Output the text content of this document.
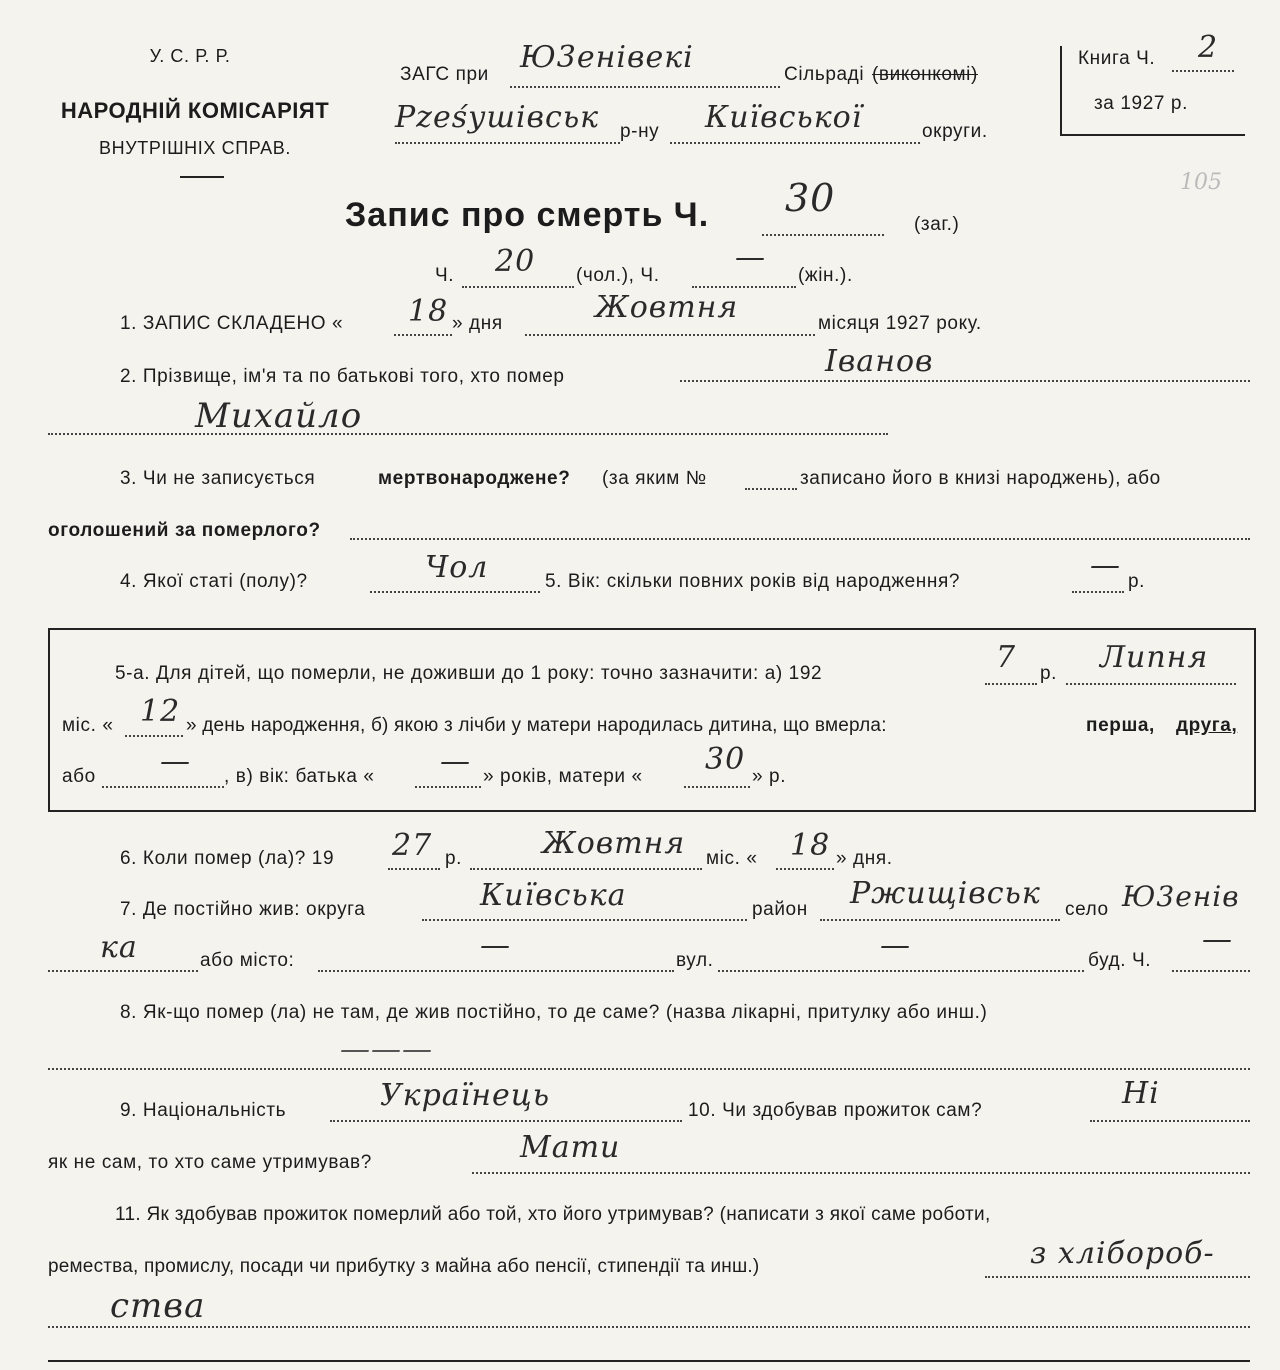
У. С. Р. Р.
НАРОДНІЙ КОМІСАРІЯТ
ВНУТРІШНІХ СПРАВ.
ЗАГС при Ю3е​ніве​кі	Сільраді (виконкомі)
Рześушівськ р-ну Київської	округи.
Книга Ч. 2
за 1927 р.
105
Запис про смерть Ч. 30
(заг.)
Ч. 20 (чол.), Ч.
—
(жін.).
1. ЗАПИС СКЛАДЕНО « 18 » дня	Жовтня	місяця 1927 року.
2. Прізвище, ім'я та по батькові того, хто помер	Іванов
Михайло
3. Чи не записується	мертвонароджене? (за яким №	записано його в книзі народжень), або
оголошений за померлого?
4. Якої статі (полу)?	Чол	5. Вік: скільки повних років від народження?	— р.
5-а. Для дітей, що померли, не доживши до 1 року: точно зазначити: а) 192	7 р. Липня
міс. « 12 » день народження, б) якою з лічби у матери народилась дитина, що вмерла:	перша, друга,
або — , в) вік: батька « — » років, матери « 30 » р.
6. Коли помер (ла)? 19 27 р.	Жовтня міс. « 18 » дня.
7. Де постійно жив: округа	Київська	район Ржищівськ село Ю3ені​в
ка	або місто:	—	вул.	—	буд. Ч.
—
8. Як-що помер (ла) не там, де жив постійно, то де саме? (назва лікарні, притулку або инш.)
———
9. Національність	Українець	10. Чи здобував прожиток сам?	Ні
як не сам, то хто саме утримував?	Мати
11. Як здобував прожиток померлий або той, хто його утримував? (написати з якої саме роботи,
ремества, промислу, посади чи прибутку з майна або пенсії, стипендії та инш.)	з хлібороб-
ства
